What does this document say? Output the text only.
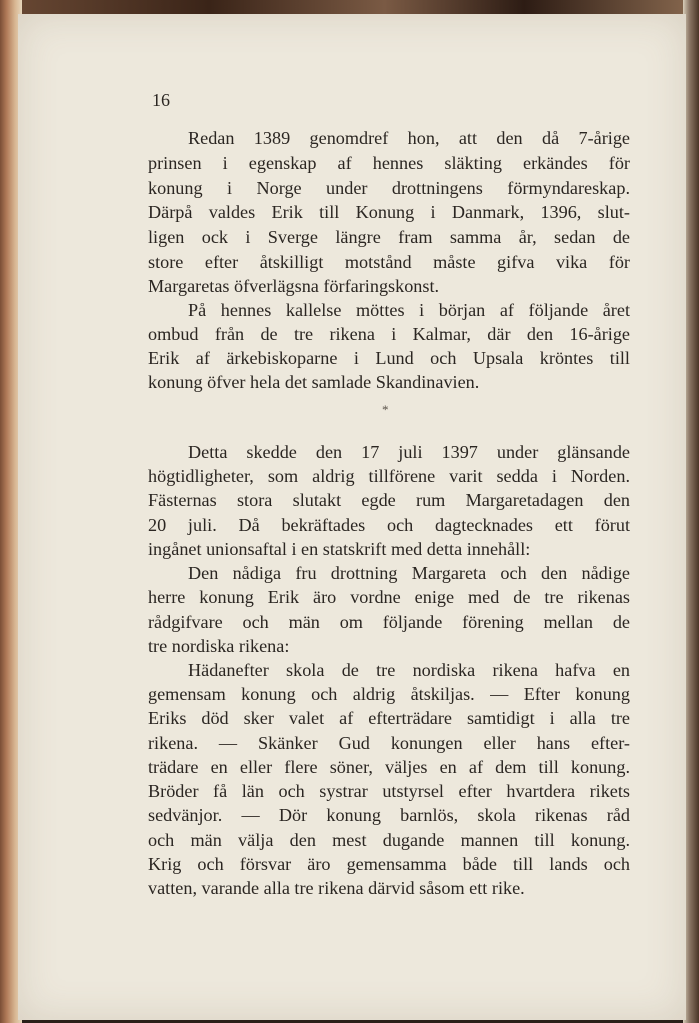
16
Redan 1389 genomdref hon, att den då 7-årige
prinsen i egenskap af hennes släkting erkändes för
konung i Norge under drottningens förmyndareskap.
Därpå valdes Erik till Konung i Danmark, 1396, slut-
ligen ock i Sverge längre fram samma år, sedan de
store efter åtskilligt motstånd måste gifva vika för
Margaretas öfverlägsna förfaringskonst.
På hennes kallelse möttes i början af följande året
ombud från de tre rikena i Kalmar, där den 16-årige
Erik af ärkebiskoparne i Lund och Upsala kröntes till
konung öfver hela det samlade Skandinavien.
*
Detta skedde den 17 juli 1397 under glänsande
högtidligheter, som aldrig tillförene varit sedda i Norden.
Fästernas stora slutakt egde rum Margaretadagen den
20 juli. Då bekräftades och dagtecknades ett förut
ingånet unionsaftal i en statskrift med detta innehåll:
Den nådiga fru drottning Margareta och den nådige
herre konung Erik äro vordne enige med de tre rikenas
rådgifvare och män om följande förening mellan de
tre nordiska rikena:
Hädanefter skola de tre nordiska rikena hafva en
gemensam konung och aldrig åtskiljas. — Efter konung
Eriks död sker valet af efterträdare samtidigt i alla tre
rikena. — Skänker Gud konungen eller hans efter-
trädare en eller flere söner, väljes en af dem till konung.
Bröder få län och systrar utstyrsel efter hvartdera rikets
sedvänjor. — Dör konung barnlös, skola rikenas råd
och män välja den mest dugande mannen till konung.
Krig och försvar äro gemensamma både till lands och
vatten, varande alla tre rikena därvid såsom ett rike.
